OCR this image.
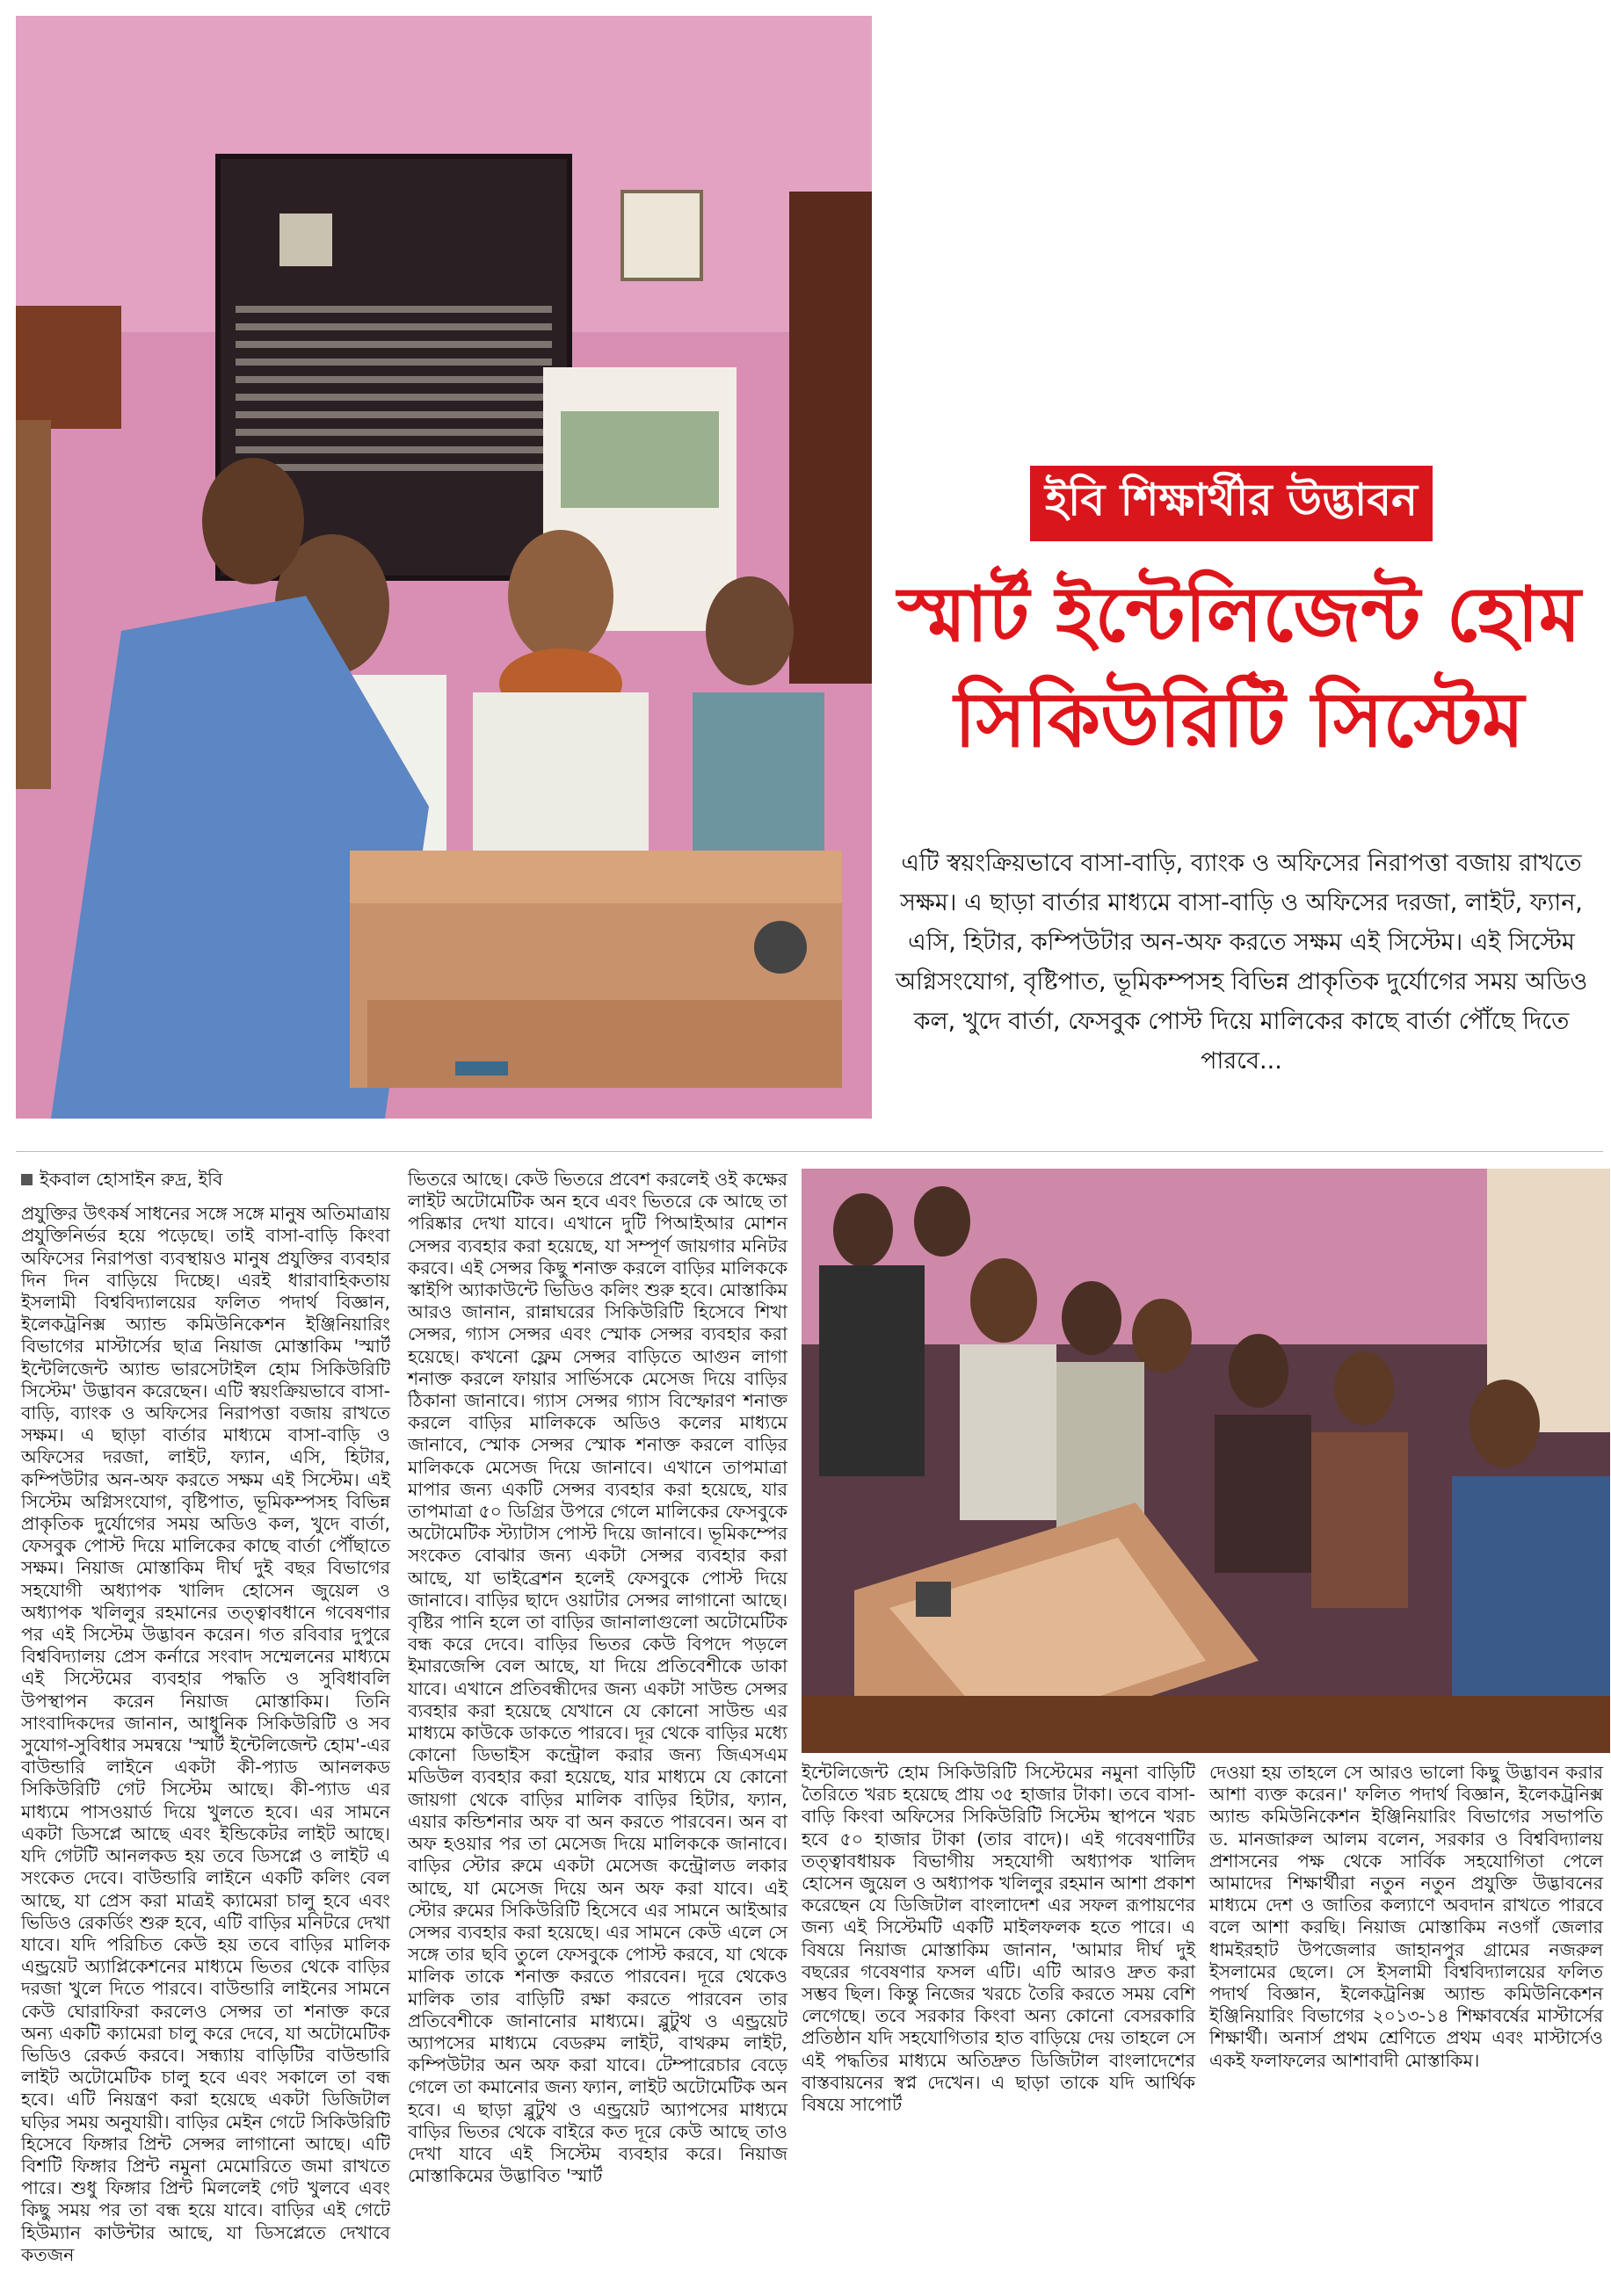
ইবি শিক্ষার্থীর উদ্ভাবন
স্মার্ট ইন্টেলিজেন্ট হোম
সিকিউরিটি সিস্টেম
এটি স্বয়ংক্রিয়ভাবে বাসা-বাড়ি, ব্যাংক ও অফিসের নিরাপত্তা বজায় রাখতে সক্ষম। এ ছাড়া বার্তার মাধ্যমে বাসা-বাড়ি ও অফিসের দরজা, লাইট, ফ্যান, এসি, হিটার, কম্পিউটার অন-অফ করতে সক্ষম এই সিস্টেম। এই সিস্টেম অগ্নিসংযোগ, বৃষ্টিপাত, ভূমিকম্পসহ বিভিন্ন প্রাকৃতিক দুর্যোগের সময় অডিও কল, খুদে বার্তা, ফেসবুক পোস্ট দিয়ে মালিকের কাছে বার্তা পৌঁছে দিতে পারবে...
ইকবাল হোসাইন রুদ্র, ইবি

প্রযুক্তির উৎকর্ষ সাধনের সঙ্গে সঙ্গে মানুষ অতিমাত্রায় প্রযুক্তিনির্ভর হয়ে পড়েছে। তাই বাসা-বাড়ি কিংবা অফিসের নিরাপত্তা ব্যবস্থায়ও মানুষ প্রযুক্তির ব্যবহার দিন দিন বাড়িয়ে দিচ্ছে। এরই ধারাবাহিকতায় ইসলামী বিশ্ববিদ্যালয়ের ফলিত পদার্থ বিজ্ঞান, ইলেকট্রনিক্স অ্যান্ড কমিউনিকেশন ইঞ্জিনিয়ারিং বিভাগের মাস্টার্সের ছাত্র নিয়াজ মোস্তাকিম 'স্মার্ট ইন্টেলিজেন্ট অ্যান্ড ভারসেটাইল হোম সিকিউরিটি সিস্টেম' উদ্ভাবন করেছেন। এটি স্বয়ংক্রিয়ভাবে বাসা-বাড়ি, ব্যাংক ও অফিসের নিরাপত্তা বজায় রাখতে সক্ষম। এ ছাড়া বার্তার মাধ্যমে বাসা-বাড়ি ও অফিসের দরজা, লাইট, ফ্যান, এসি, হিটার, কম্পিউটার অন-অফ করতে সক্ষম এই সিস্টেম। এই সিস্টেম অগ্নিসংযোগ, বৃষ্টিপাত, ভূমিকম্পসহ বিভিন্ন প্রাকৃতিক দুর্যোগের সময় অডিও কল, খুদে বার্তা, ফেসবুক পোস্ট দিয়ে মালিকের কাছে বার্তা পৌঁছাতে সক্ষম। নিয়াজ মোস্তাকিম দীর্ঘ দুই বছর বিভাগের সহযোগী অধ্যাপক খালিদ হোসেন জুয়েল ও অধ্যাপক খলিলুর রহমানের তত্ত্বাবধানে গবেষণার পর এই সিস্টেম উদ্ভাবন করেন। গত রবিবার দুপুরে বিশ্ববিদ্যালয় প্রেস কর্নারে সংবাদ সম্মেলনের মাধ্যমে এই সিস্টেমের ব্যবহার পদ্ধতি ও সুবিধাবলি উপস্থাপন করেন নিয়াজ মোস্তাকিম। তিনি সাংবাদিকদের জানান, আধুনিক সিকিউরিটি ও সব সুযোগ-সুবিধার সমন্বয়ে 'স্মার্ট ইন্টেলিজেন্ট হোম'-এর বাউন্ডারি লাইনে একটা কী-প্যাড আনলকড সিকিউরিটি গেট সিস্টেম আছে। কী-প্যাড এর মাধ্যমে পাসওয়ার্ড দিয়ে খুলতে হবে। এর সামনে একটা ডিসপ্লে আছে এবং ইন্ডিকেটর লাইট আছে। যদি গেটটি আনলকড হয় তবে ডিসপ্লে ও লাইট এ সংকেত দেবে। বাউন্ডারি লাইনে একটি কলিং বেল আছে, যা প্রেস করা মাত্রই ক্যামেরা চালু হবে এবং ভিডিও রেকর্ডিং শুরু হবে, এটি বাড়ির মনিটরে দেখা যাবে। যদি পরিচিত কেউ হয় তবে বাড়ির মালিক এন্ড্রয়েট অ্যাপ্লিকেশনের মাধ্যমে ভিতর থেকে বাড়ির দরজা খুলে দিতে পারবে। বাউন্ডারি লাইনের সামনে কেউ ঘোরাফিরা করলেও সেন্সর তা শনাক্ত করে অন্য একটি ক্যামেরা চালু করে দেবে, যা অটোমেটিক ভিডিও রেকর্ড করবে। সন্ধ্যায় বাড়িটির বাউন্ডারি লাইট অটোমেটিক চালু হবে এবং সকালে তা বন্ধ হবে। এটি নিয়ন্ত্রণ করা হয়েছে একটা ডিজিটাল ঘড়ির সময় অনুযায়ী। বাড়ির মেইন গেটে সিকিউরিটি হিসেবে ফিঙ্গার প্রিন্ট সেন্সর লাগানো আছে। এটি বিশটি ফিঙ্গার প্রিন্ট নমুনা মেমোরিতে জমা রাখতে পারে। শুধু ফিঙ্গার প্রিন্ট মিললেই গেট খুলবে এবং কিছু সময় পর তা বন্ধ হয়ে যাবে। বাড়ির এই গেটে হিউম্যান কাউন্টার আছে, যা ডিসপ্লেতে দেখাবে কতজন

ভিতরে আছে। কেউ ভিতরে প্রবেশ করলেই ওই কক্ষের লাইট অটোমেটিক অন হবে এবং ভিতরে কে আছে তা পরিষ্কার দেখা যাবে। এখানে দুটি পিআইআর মোশন সেন্সর ব্যবহার করা হয়েছে, যা সম্পূর্ণ জায়গার মনিটর করবে। এই সেন্সর কিছু শনাক্ত করলে বাড়ির মালিককে স্কাইপি অ্যাকাউন্টে ভিডিও কলিং শুরু হবে। মোস্তাকিম আরও জানান, রান্নাঘরের সিকিউরিটি হিসেবে শিখা সেন্সর, গ্যাস সেন্সর এবং স্মোক সেন্সর ব্যবহার করা হয়েছে। কখনো ফ্লেম সেন্সর বাড়িতে আগুন লাগা শনাক্ত করলে ফায়ার সার্ভিসকে মেসেজ দিয়ে বাড়ির ঠিকানা জানাবে। গ্যাস সেন্সর গ্যাস বিস্ফোরণ শনাক্ত করলে বাড়ির মালিককে অডিও কলের মাধ্যমে জানাবে, স্মোক সেন্সর স্মোক শনাক্ত করলে বাড়ির মালিককে মেসেজ দিয়ে জানাবে। এখানে তাপমাত্রা মাপার জন্য একটি সেন্সর ব্যবহার করা হয়েছে, যার তাপমাত্রা ৫০ ডিগ্রির উপরে গেলে মালিকের ফেসবুকে অটোমেটিক স্ট্যাটাস পোস্ট দিয়ে জানাবে। ভূমিকম্পের সংকেত বোঝার জন্য একটা সেন্সর ব্যবহার করা আছে, যা ভাইব্রেশন হলেই ফেসবুকে পোস্ট দিয়ে জানাবে। বাড়ির ছাদে ওয়াটার সেন্সর লাগানো আছে। বৃষ্টির পানি হলে তা বাড়ির জানালাগুলো অটোমেটিক বন্ধ করে দেবে। বাড়ির ভিতর কেউ বিপদে পড়লে ইমারজেন্সি বেল আছে, যা দিয়ে প্রতিবেশীকে ডাকা যাবে। এখানে প্রতিবন্ধীদের জন্য একটা সাউন্ড সেন্সর ব্যবহার করা হয়েছে যেখানে যে কোনো সাউন্ড এর মাধ্যমে কাউকে ডাকতে পারবে। দূর থেকে বাড়ির মধ্যে কোনো ডিভাইস কন্ট্রোল করার জন্য জিএসএম মডিউল ব্যবহার করা হয়েছে, যার মাধ্যমে যে কোনো জায়গা থেকে বাড়ির মালিক বাড়ির হিটার, ফ্যান, এয়ার কন্ডিশনার অফ বা অন করতে পারবেন। অন বা অফ হওয়ার পর তা মেসেজ দিয়ে মালিককে জানাবে। বাড়ির স্টোর রুমে একটা মেসেজ কন্ট্রোলড লকার আছে, যা মেসেজ দিয়ে অন অফ করা যাবে। এই স্টোর রুমের সিকিউরিটি হিসেবে এর সামনে আইআর সেন্সর ব্যবহার করা হয়েছে। এর সামনে কেউ এলে সে সঙ্গে তার ছবি তুলে ফেসবুকে পোস্ট করবে, যা থেকে মালিক তাকে শনাক্ত করতে পারবেন। দূরে থেকেও মালিক তার বাড়িটি রক্ষা করতে পারবেন তার প্রতিবেশীকে জানানোর মাধ্যমে। ব্লুটুথ ও এন্ড্রয়েট অ্যাপসের মাধ্যমে বেডরুম লাইট, বাথরুম লাইট, কম্পিউটার অন অফ করা যাবে। টেম্পারেচার বেড়ে গেলে তা কমানোর জন্য ফ্যান, লাইট অটোমেটিক অন হবে। এ ছাড়া ব্লুটুথ ও এন্ড্রয়েট অ্যাপসের মাধ্যমে বাড়ির ভিতর থেকে বাইরে কত দূরে কেউ আছে তাও দেখা যাবে এই সিস্টেম ব্যবহার করে। নিয়াজ মোস্তাকিমের উদ্ভাবিত 'স্মার্ট

ইন্টেলিজেন্ট হোম সিকিউরিটি সিস্টেমের নমুনা বাড়িটি তৈরিতে খরচ হয়েছে প্রায় ৩৫ হাজার টাকা। তবে বাসা-বাড়ি কিংবা অফিসের সিকিউরিটি সিস্টেম স্থাপনে খরচ হবে ৫০ হাজার টাকা (তার বাদে)। এই গবেষণাটির তত্ত্বাবধায়ক বিভাগীয় সহযোগী অধ্যাপক খালিদ হোসেন জুয়েল ও অধ্যাপক খলিলুর রহমান আশা প্রকাশ করেছেন যে ডিজিটাল বাংলাদেশ এর সফল রূপায়ণের জন্য এই সিস্টেমটি একটি মাইলফলক হতে পারে। এ বিষয়ে নিয়াজ মোস্তাকিম জানান, 'আমার দীর্ঘ দুই বছরের গবেষণার ফসল এটি। এটি আরও দ্রুত করা সম্ভব ছিল। কিন্তু নিজের খরচে তৈরি করতে সময় বেশি লেগেছে। তবে সরকার কিংবা অন্য কোনো বেসরকারি প্রতিষ্ঠান যদি সহযোগিতার হাত বাড়িয়ে দেয় তাহলে সে এই পদ্ধতির মাধ্যমে অতিদ্রুত ডিজিটাল বাংলাদেশের বাস্তবায়নের স্বপ্ন দেখেন। এ ছাড়া তাকে যদি আর্থিক বিষয়ে সাপোর্ট

দেওয়া হয় তাহলে সে আরও ভালো কিছু উদ্ভাবন করার আশা ব্যক্ত করেন।' ফলিত পদার্থ বিজ্ঞান, ইলেকট্রনিক্স অ্যান্ড কমিউনিকেশন ইঞ্জিনিয়ারিং বিভাগের সভাপতি ড. মানজারুল আলম বলেন, সরকার ও বিশ্ববিদ্যালয় প্রশাসনের পক্ষ থেকে সার্বিক সহযোগিতা পেলে আমাদের শিক্ষার্থীরা নতুন নতুন প্রযুক্তি উদ্ভাবনের মাধ্যমে দেশ ও জাতির কল্যাণে অবদান রাখতে পারবে বলে আশা করছি। নিয়াজ মোস্তাকিম নওগাঁ জেলার ধামইরহাট উপজেলার জাহানপুর গ্রামের নজরুল ইসলামের ছেলে। সে ইসলামী বিশ্ববিদ্যালয়ের ফলিত পদার্থ বিজ্ঞান, ইলেকট্রনিক্স অ্যান্ড কমিউনিকেশন ইঞ্জিনিয়ারিং বিভাগের ২০১৩-১৪ শিক্ষাবর্ষের মাস্টার্সের শিক্ষার্থী। অনার্স প্রথম শ্রেণিতে প্রথম এবং মাস্টার্সেও একই ফলাফলের আশাবাদী মোস্তাকিম।
